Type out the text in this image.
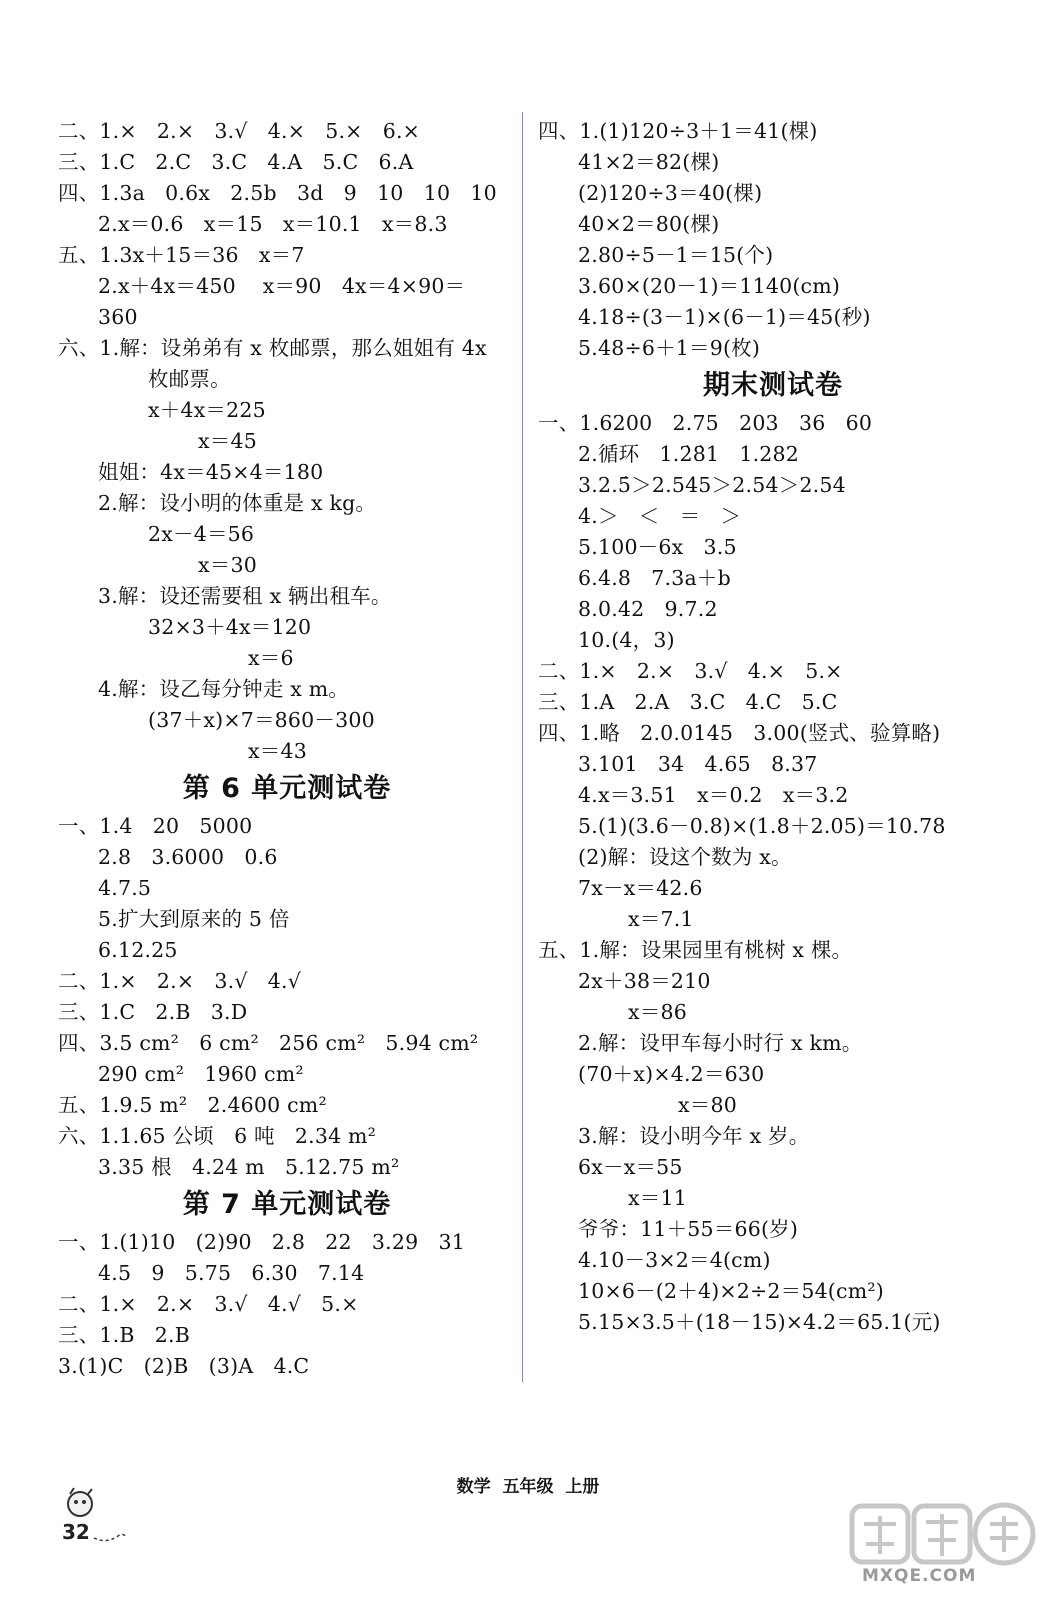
二、1.×   2.×   3.√   4.×   5.×   6.×
三、1.C   2.C   3.C   4.A   5.C   6.A
四、1.3a   0.6x   2.5b   3d   9   10   10   10
2.x＝0.6   x＝15   x＝10.1   x＝8.3
五、1.3x＋15＝36   x＝7
2.x＋4x＝450    x＝90   4x＝4×90＝
360
六、1.解：设弟弟有 x 枚邮票，那么姐姐有 4x
枚邮票。
x＋4x＝225
x＝45
姐姐：4x＝45×4＝180
2.解：设小明的体重是 x kg。
2x－4＝56
x＝30
3.解：设还需要租 x 辆出租车。
32×3＋4x＝120
x＝6
4.解：设乙每分钟走 x m。
(37＋x)×7＝860－300
x＝43
第 6 单元测试卷
一、1.4   20   5000
2.8   3.6000   0.6
4.7.5
5.扩大到原来的 5 倍
6.12.25
二、1.×   2.×   3.√   4.√
三、1.C   2.B   3.D
四、3.5 cm²   6 cm²   256 cm²   5.94 cm²
290 cm²   1960 cm²
五、1.9.5 m²   2.4600 cm²
六、1.1.65 公顷   6 吨   2.34 m²
3.35 根   4.24 m   5.12.75 m²
第 7 单元测试卷
一、1.(1)10   (2)90   2.8   22   3.29   31
4.5   9   5.75   6.30   7.14
二、1.×   2.×   3.√   4.√   5.×
三、1.B   2.B
3.(1)C   (2)B   (3)A   4.C
四、1.(1)120÷3＋1＝41(棵)
41×2＝82(棵)
(2)120÷3＝40(棵)
40×2＝80(棵)
2.80÷5－1＝15(个)
3.60×(20－1)＝1140(cm)
4.18÷(3－1)×(6－1)＝45(秒)
5.48÷6＋1＝9(枚)
期末测试卷
一、1.6200   2.75   203   36   60
2.循环   1.2̇8̇1   1.282
3.2.5̇＞2.545＞2.54̇＞2.54
4.＞   ＜   ＝   ＞
5.100－6x   3.5
6.4.8   7.3a＋b
8.0.42   9.7.2
10.(4，3)
二、1.×   2.×   3.√   4.×   5.×
三、1.A   2.A   3.C   4.C   5.C
四、1.略   2.0.0145   3.00(竖式、验算略)
3.101   34   4.65   8.37
4.x＝3.51   x＝0.2   x＝3.2
5.(1)(3.6－0.8)×(1.8＋2.05)＝10.78
(2)解：设这个数为 x。
7x－x＝42.6
x＝7.1
五、1.解：设果园里有桃树 x 棵。
2x＋38＝210
x＝86
2.解：设甲车每小时行 x km。
(70＋x)×4.2＝630
x＝80
3.解：设小明今年 x 岁。
6x－x＝55
x＝11
爷爷：11＋55＝66(岁)
4.10－3×2＝4(cm)
10×6－(2＋4)×2÷2＝54(cm²)
5.15×3.5＋(18－15)×4.2＝65.1(元)
数学 五年级 上册
32
MXQE.COM
